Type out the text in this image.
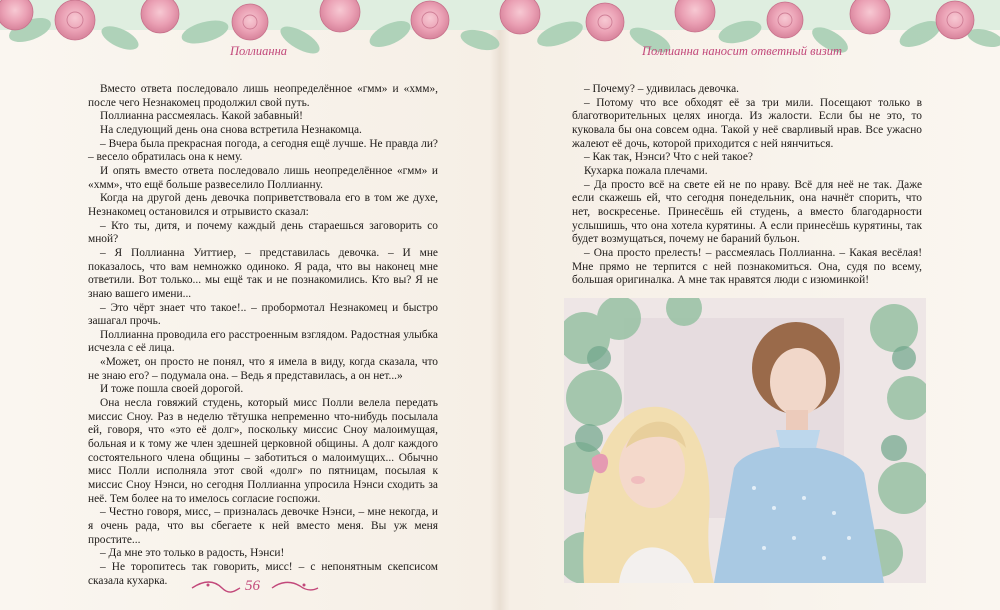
Поллианна

Вместо ответа последовало лишь неопределённое «гмм» и «хмм», после чего Незнакомец продолжил свой путь.

Поллианна рассмеялась. Какой забавный!

На следующий день она снова встретила Незнакомца.

– Вчера была прекрасная погода, а сегодня ещё лучше. Не правда ли? – весело обратилась она к нему.

И опять вместо ответа последовало лишь неопределённое «гмм» и «хмм», что ещё больше развеселило Поллианну.

Когда на другой день девочка поприветствовала его в том же духе, Незнакомец остановился и отрывисто сказал:

– Кто ты, дитя, и почему каждый день стараешься заговорить со мной?

– Я Поллианна Уиттиер, – представилась девочка. – И мне показалось, что вам немножко одиноко. Я рада, что вы наконец мне ответили. Вот только... мы ещё так и не познакомились. Кто вы? Я не знаю вашего имени...

– Это чёрт знает что такое!.. – пробормотал Незнакомец и быстро зашагал прочь.

Поллианна проводила его расстроенным взглядом. Радостная улыбка исчезла с её лица.

«Может, он просто не понял, что я имела в виду, когда сказала, что не знаю его? – подумала она. – Ведь я представилась, а он нет...»

И тоже пошла своей дорогой.

Она несла говяжий студень, который мисс Полли велела передать миссис Сноу. Раз в неделю тётушка непременно что-нибудь посылала ей, говоря, что «это её долг», поскольку миссис Сноу малоимущая, больная и к тому же член здешней церковной общины. А долг каждого состоятельного члена общины – заботиться о малоимущих... Обычно мисс Полли исполняла этот свой «долг» по пятницам, посылая к миссис Сноу Нэнси, но сегодня Поллианна упросила Нэнси сходить за неё. Тем более на то имелось согласие госпожи.

– Честно говоря, мисс, – призналась девочке Нэнси, – мне некогда, и я очень рада, что вы сбегаете к ней вместо меня. Вы уж меня простите...

– Да мне это только в радость, Нэнси!

– Не торопитесь так говорить, мисс! – с непонятным скепсисом сказала кухарка.	56
Поллианна наносит ответный визит

– Почему? – удивилась девочка.

– Потому что все обходят её за три мили. Посещают только в благотворительных целях иногда. Из жалости. Если бы не это, то куковала бы она совсем одна. Такой у неё сварливый нрав. Все ужасно жалеют её дочь, которой приходится с ней нянчиться.

– Как так, Нэнси? Что с ней такое?

Кухарка пожала плечами.

– Да просто всё на свете ей не по нраву. Всё для неё не так. Даже если скажешь ей, что сегодня понедельник, она начнёт спорить, что нет, воскресенье. Принесёшь ей студень, а вместо благодарности услышишь, что она хотела курятины. А если принесёшь курятины, так будет возмущаться, почему не бараний бульон.

– Она просто прелесть! – рассмеялась Поллианна. – Какая весёлая! Мне прямо не терпится с ней познакомиться. Она, судя по всему, большая оригиналка. А мне так нравятся люди с изюминкой!
